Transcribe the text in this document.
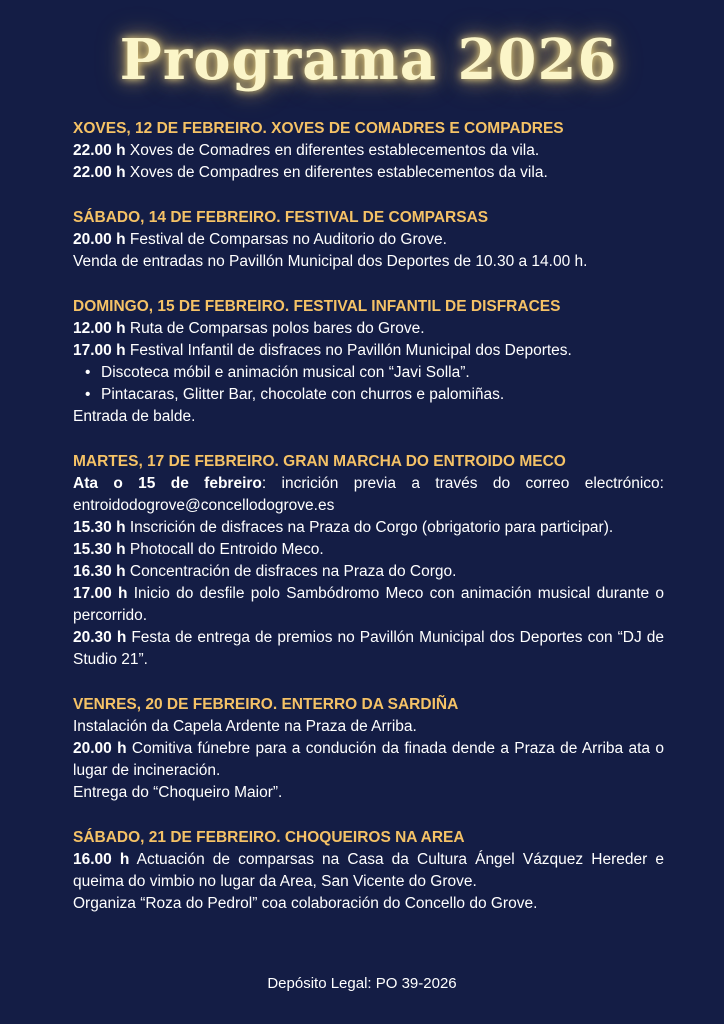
Programa 2026

XOVES, 12 DE FEBREIRO. XOVES DE COMADRES E COMPADRES

22.00 h Xoves de Comadres en diferentes establecementos da vila.

22.00 h Xoves de Compadres en diferentes establecementos da vila.

SÁBADO, 14 DE FEBREIRO. FESTIVAL DE COMPARSAS

20.00 h Festival de Comparsas no Auditorio do Grove.

Venda de entradas no Pavillón Municipal dos Deportes de 10.30 a 14.00 h.

DOMINGO, 15 DE FEBREIRO. FESTIVAL INFANTIL DE DISFRACES

12.00 h Ruta de Comparsas polos bares do Grove.

17.00 h Festival Infantil de disfraces no Pavillón Municipal dos Deportes.

• Discoteca móbil e animación musical con “Javi Solla”.
• Pintacaras, Glitter Bar, chocolate con churros e palomiñas.

Entrada de balde.

MARTES, 17 DE FEBREIRO. GRAN MARCHA DO ENTROIDO MECO

Ata o 15 de febreiro: incrición previa a través do correo electrónico: entroidodogrove@concellodogrove.es

15.30 h Inscrición de disfraces na Praza do Corgo (obrigatorio para participar).

15.30 h Photocall do Entroido Meco.

16.30 h Concentración de disfraces na Praza do Corgo.

17.00 h Inicio do desfile polo Sambódromo Meco con animación musical durante o percorrido.

20.30 h Festa de entrega de premios no Pavillón Municipal dos Deportes con “DJ de Studio 21”.

VENRES, 20 DE FEBREIRO. ENTERRO DA SARDIÑA

Instalación da Capela Ardente na Praza de Arriba.

20.00 h Comitiva fúnebre para a condución da finada dende a Praza de Arriba ata o lugar de incineración.

Entrega do “Choqueiro Maior”.

SÁBADO, 21 DE FEBREIRO. CHOQUEIROS NA AREA

16.00 h Actuación de comparsas na Casa da Cultura Ángel Vázquez Hereder e queima do vimbio no lugar da Area, San Vicente do Grove.

Organiza “Roza do Pedrol” coa colaboración do Concello do Grove.

Depósito Legal: PO 39-2026
